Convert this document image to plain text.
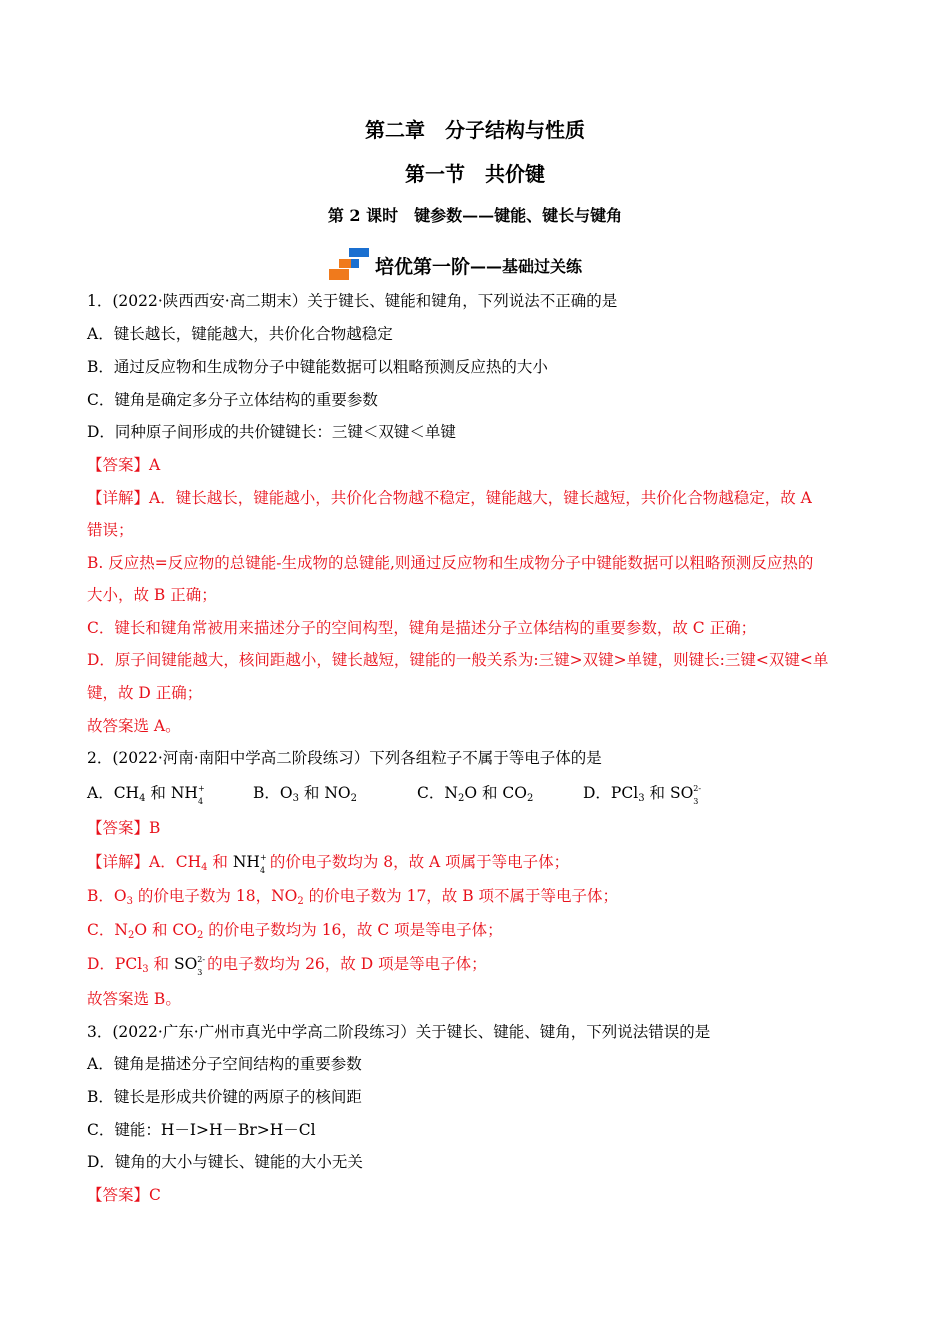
第二章　分子结构与性质
第一节　共价键
第 2 课时　键参数——键能、键长与键角
培优第一阶 ——基础过关练
1．(2022·陕西西安·高二期末）关于键长、键能和键角，下列说法不正确的是
A．键长越长，键能越大，共价化合物越稳定
B．通过反应物和生成物分子中键能数据可以粗略预测反应热的大小
C．键角是确定多分子立体结构的重要参数
D．同种原子间形成的共价键键长：三键＜双键＜单键
【答案】A
【详解】A．键长越长，键能越小，共价化合物越不稳定，键能越大，键长越短，共价化合物越稳定，故 A
错误；
B. 反应热=反应物的总键能-生成物的总键能,则通过反应物和生成物分子中键能数据可以粗略预测反应热的
大小，故 B 正确；
C．键长和键角常被用来描述分子的空间构型，键角是描述分子立体结构的重要参数，故 C 正确；
D．原子间键能越大，核间距越小，键长越短，键能的一般关系为:三键>双键>单键，则键长:三键<双键<单
键，故 D 正确；
故答案选 A。
2．(2022·河南·南阳中学高二阶段练习）下列各组粒子不属于等电子体的是
A．$CH_4$ 和 NH +
4	B．$O_3$ 和 $NO_2$	C．$N_2O$ 和 $CO_2$	D．PCl$_3$ 和 SO 2-
3
【答案】B
【详解】A．$CH_4$ 和 NH +
4 的价电子数均为 8，故 A 项属于等电子体；
B．$O_3$ 的价电子数为 18，$NO_2$ 的价电子数为 17，故 B 项不属于等电子体；
C．$N_2O$ 和 $CO_2$ 的价电子数均为 16，故 C 项是等电子体；
D．PCl$_3$ 和 SO 2-
3 的电子数均为 26，故 D 项是等电子体；
故答案选 B。
3．(2022·广东·广州市真光中学高二阶段练习）关于键长、键能、键角，下列说法错误的是
A．键角是描述分子空间结构的重要参数
B．键长是形成共价键的两原子的核间距
C．键能：H－I>H－Br>H－Cl
D．键角的大小与键长、键能的大小无关
【答案】C
